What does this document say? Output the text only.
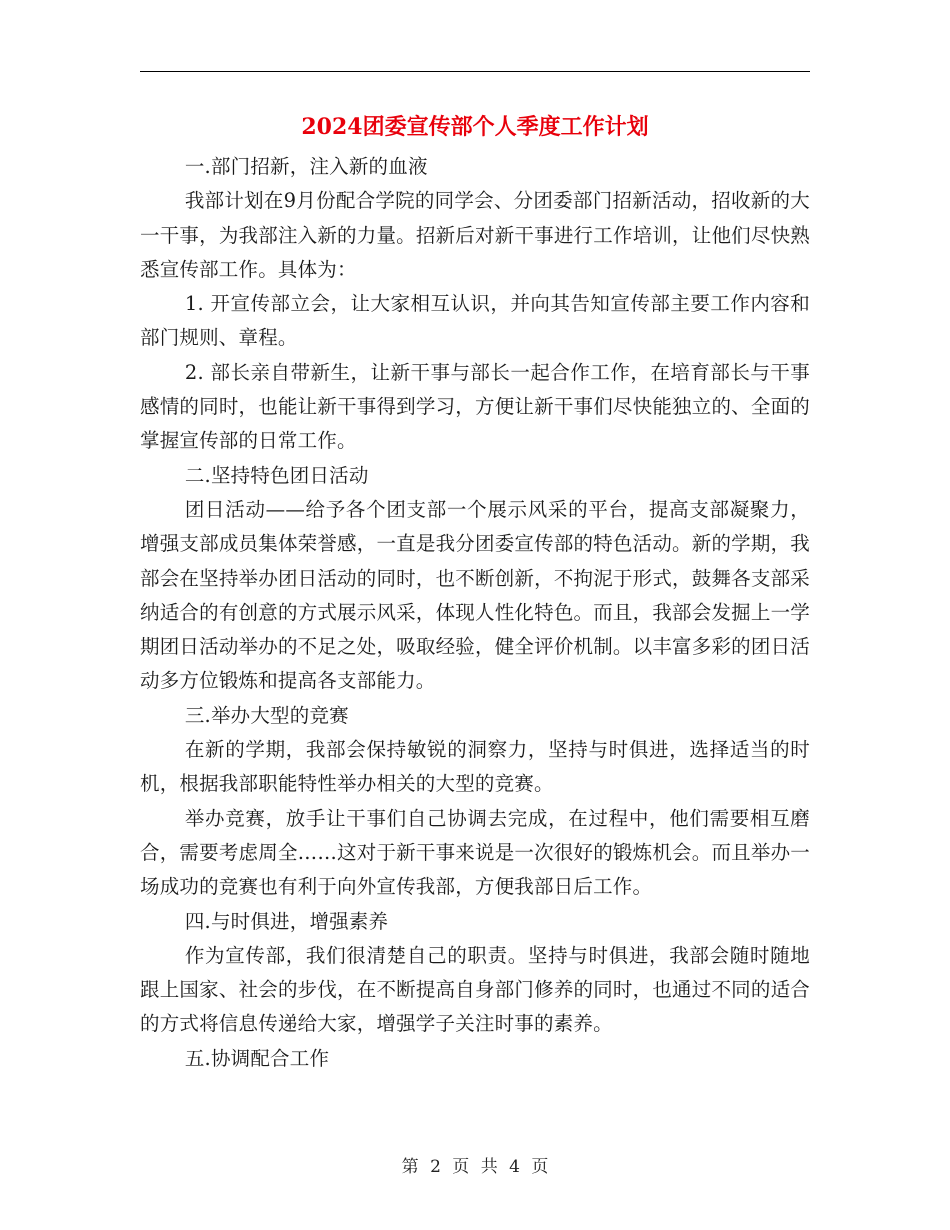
2024团委宣传部个人季度工作计划

一.部门招新，注入新的血液

我部计划在9月份配合学院的同学会、分团委部门招新活动，招收新的大一干事，为我部注入新的力量。招新后对新干事进行工作培训，让他们尽快熟悉宣传部工作。具体为：

1. 开宣传部立会，让大家相互认识，并向其告知宣传部主要工作内容和部门规则、章程。

2. 部长亲自带新生，让新干事与部长一起合作工作，在培育部长与干事感情的同时，也能让新干事得到学习，方便让新干事们尽快能独立的、全面的掌握宣传部的日常工作。

二.坚持特色团日活动

团日活动——给予各个团支部一个展示风采的平台，提高支部凝聚力，增强支部成员集体荣誉感，一直是我分团委宣传部的特色活动。新的学期，我部会在坚持举办团日活动的同时，也不断创新，不拘泥于形式，鼓舞各支部采纳适合的有创意的方式展示风采，体现人性化特色。而且，我部会发掘上一学期团日活动举办的不足之处，吸取经验，健全评价机制。以丰富多彩的团日活动多方位锻炼和提高各支部能力。

三.举办大型的竞赛

在新的学期，我部会保持敏锐的洞察力，坚持与时俱进，选择适当的时机，根据我部职能特性举办相关的大型的竞赛。

举办竞赛，放手让干事们自己协调去完成，在过程中，他们需要相互磨合，需要考虑周全……这对于新干事来说是一次很好的锻炼机会。而且举办一场成功的竞赛也有利于向外宣传我部，方便我部日后工作。

四.与时俱进，增强素养

作为宣传部，我们很清楚自己的职责。坚持与时俱进，我部会随时随地跟上国家、社会的步伐，在不断提高自身部门修养的同时，也通过不同的适合的方式将信息传递给大家，增强学子关注时事的素养。

五.协调配合工作

第 2 页 共 4 页
